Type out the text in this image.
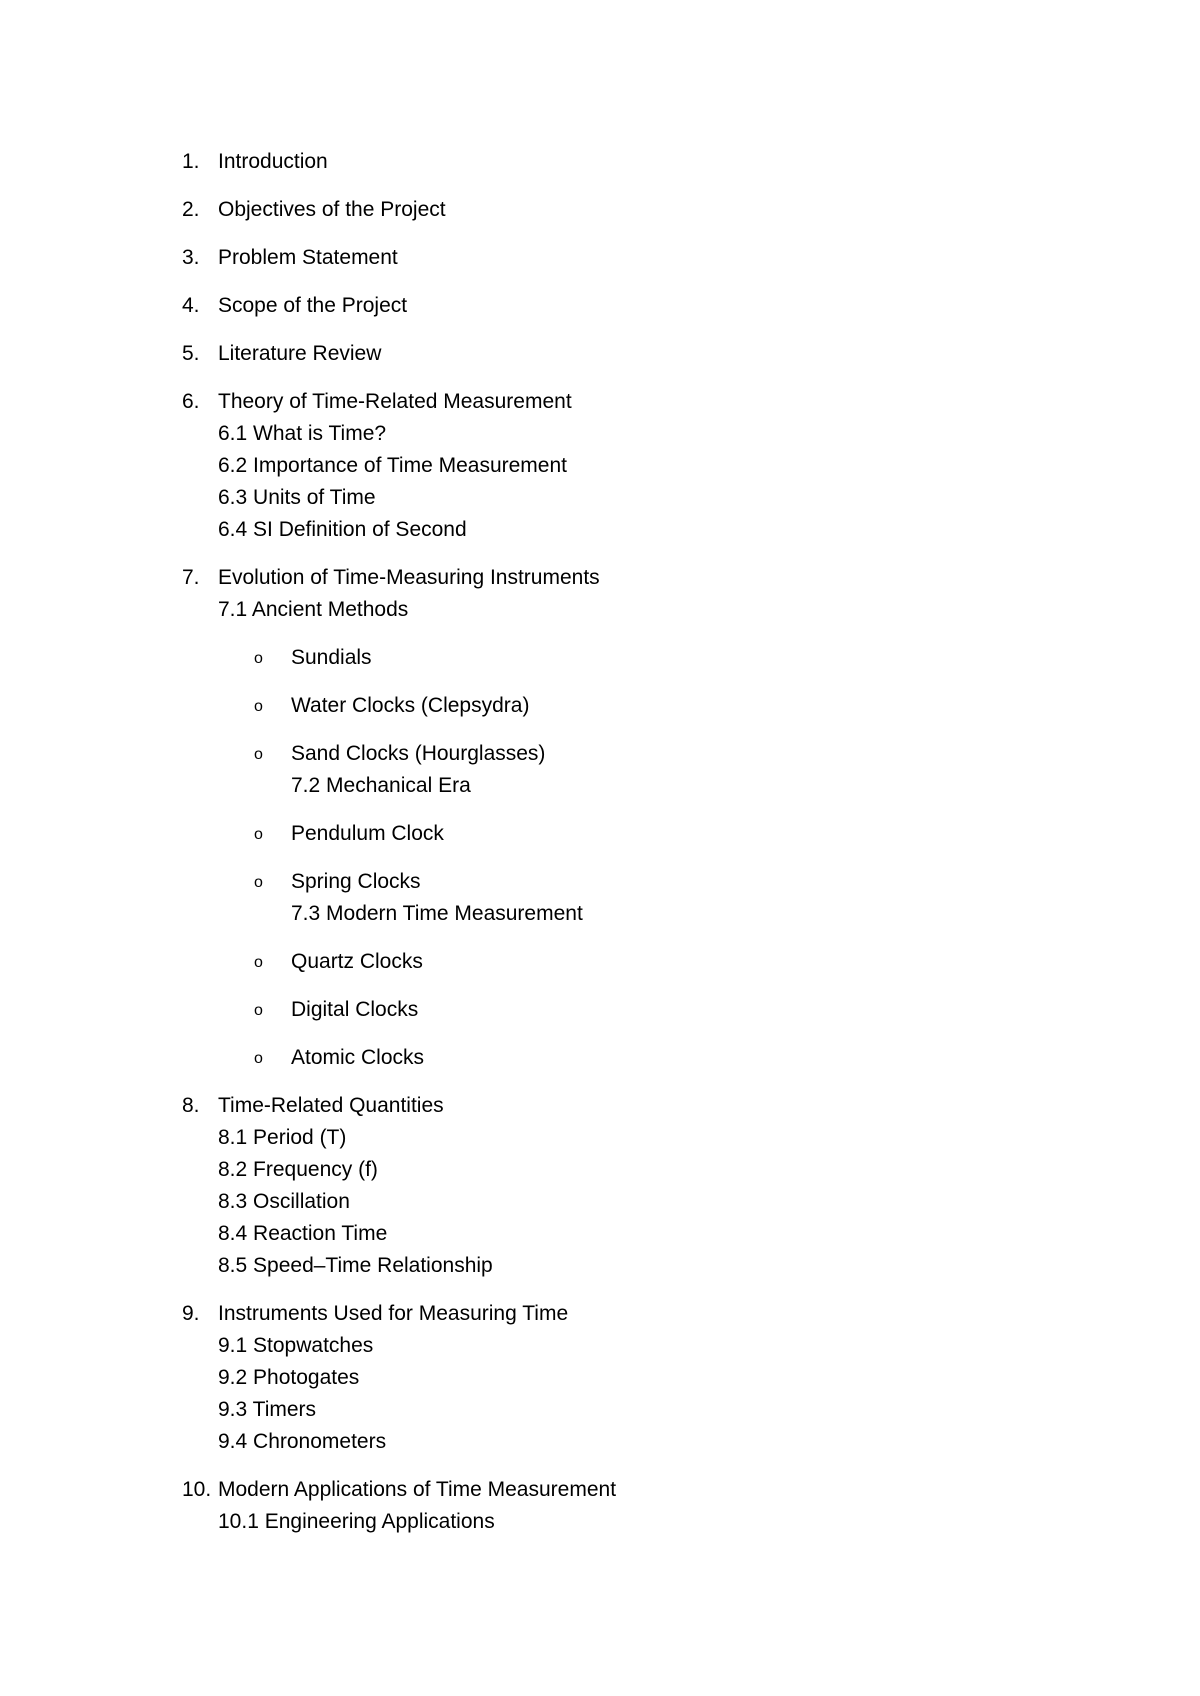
1. Introduction
2. Objectives of the Project
3. Problem Statement
4. Scope of the Project
5. Literature Review
6. Theory of Time-Related Measurement
6.1 What is Time?
6.2 Importance of Time Measurement
6.3 Units of Time
6.4 SI Definition of Second
7. Evolution of Time-Measuring Instruments
7.1 Ancient Methods
o Sundials
o Water Clocks (Clepsydra)
o Sand Clocks (Hourglasses)
7.2 Mechanical Era
o Pendulum Clock
o Spring Clocks
7.3 Modern Time Measurement
o Quartz Clocks
o Digital Clocks
o Atomic Clocks
8. Time-Related Quantities
8.1 Period (T)
8.2 Frequency (f)
8.3 Oscillation
8.4 Reaction Time
8.5 Speed–Time Relationship
9. Instruments Used for Measuring Time
9.1 Stopwatches
9.2 Photogates
9.3 Timers
9.4 Chronometers
10. Modern Applications of Time Measurement
10.1 Engineering Applications
